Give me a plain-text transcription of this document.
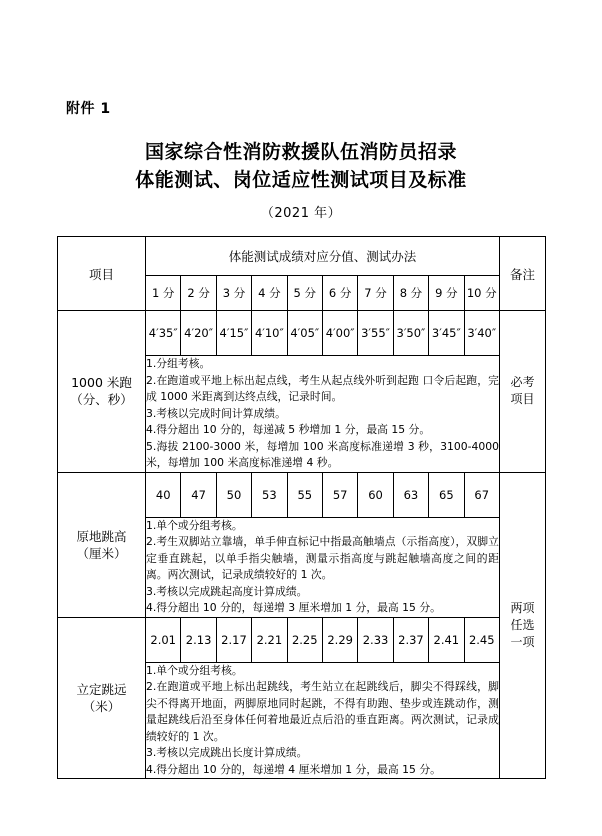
附件 1
国家综合性消防救援队伍消防员招录
体能测试、岗位适应性测试项目及标准
（2021 年）
项目	体能测试成绩对应分值、测试办法										备注
	1 分	2 分	3 分	4 分	5 分	6 分	7 分	8 分	9 分	10 分	
1000 米跑
（分、秒）	4′35″	4′20″	4′15″	4′10″	4′05″	4′00″	3′55″	3′50″	3′45″	3′40″	必考
项目

	1.分组考核。

2.在跑道或平地上标出起点线，考生从起点线外听到起跑 口令后起跑，完成 1000 米距离到达终点线，记录时间。

3.考核以完成时间计算成绩。

4.得分超出 10 分的，每递减 5 秒增加 1 分，最高 15 分。

5.海拔 2100-3000 米，每增加 100 米高度标准递增 3 秒，3100-4000 米，每增加 100 米高度标准递增 4 秒。										

原地跳高
（厘米）	40	47	50	53	55	57	60	63	65	67	两项
任选
一项

	1.单个或分组考核。

2.考生双脚站立靠墙，单手伸直标记中指最高触墙点（示指高度），双脚立定垂直跳起，以单手指尖触墙，测量示指高度与跳起触墙高度之间的距离。两次测试，记录成绩较好的 1 次。

3.考核以完成跳起高度计算成绩。

4.得分超出 10 分的，每递增 3 厘米增加 1 分，最高 15 分。										

立定跳远
（米）	2.01	2.13	2.17	2.21	2.25	2.29	2.33	2.37	2.41	2.45	

	1.单个或分组考核。

2.在跑道或平地上标出起跳线，考生站立在起跳线后，脚尖不得踩线，脚尖不得离开地面，两脚原地同时起跳，不得有助跑、垫步或连跳动作，测量起跳线后沿至身体任何着地最近点后沿的垂直距离。两次测试，记录成绩较好的 1 次。

3.考核以完成跳出长度计算成绩。

4.得分超出 10 分的，每递增 4 厘米增加 1 分，最高 15 分。										
